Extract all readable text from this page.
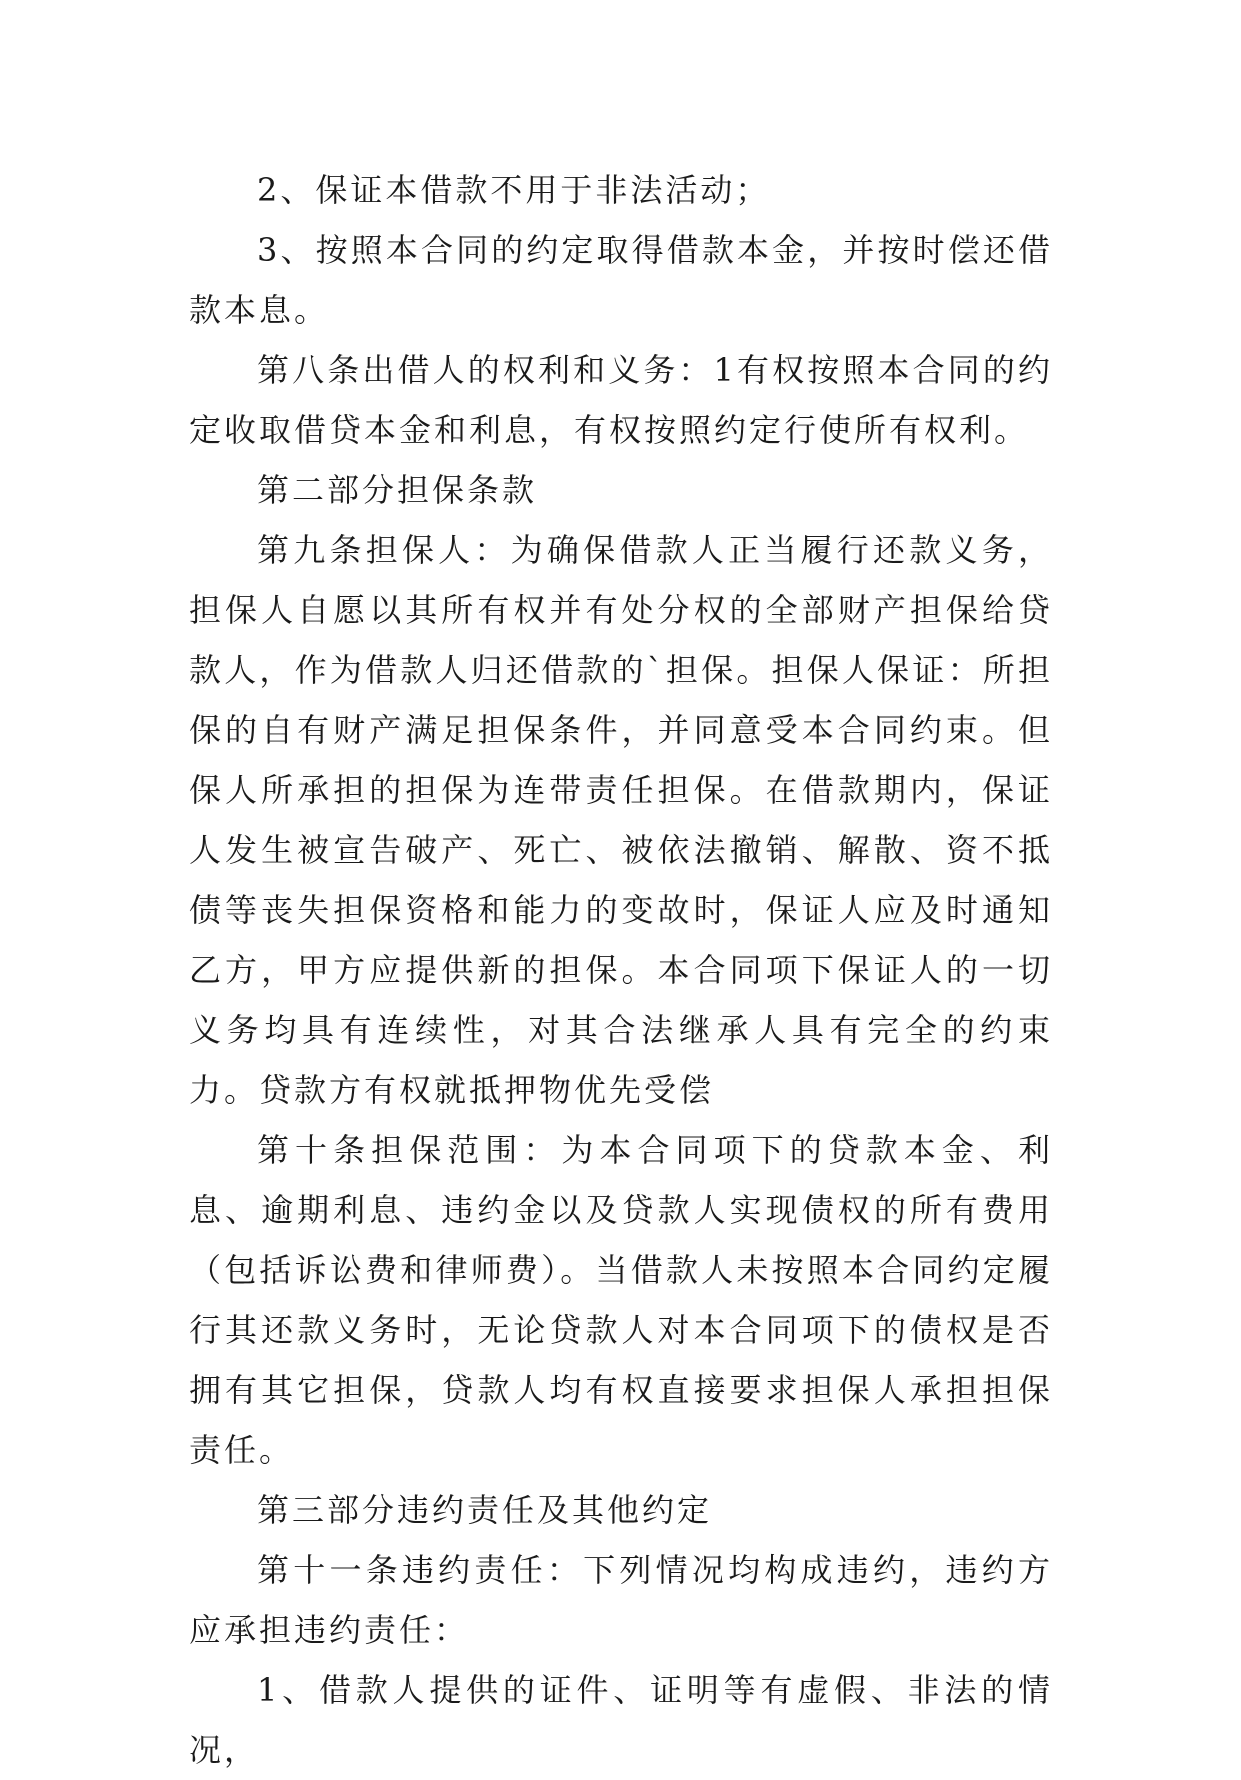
2、保证本借款不用于非法活动；

3、按照本合同的约定取得借款本金，并按时偿还借款本息。

第八条出借人的权利和义务：1有权按照本合同的约定收取借贷本金和利息，有权按照约定行使所有权利。

第二部分担保条款

第九条担保人：为确保借款人正当履行还款义务，担保人自愿以其所有权并有处分权的全部财产担保给贷款人，作为借款人归还借款的`担保。担保人保证：所担保的自有财产满足担保条件，并同意受本合同约束。但保人所承担的担保为连带责任担保。在借款期内，保证人发生被宣告破产、死亡、被依法撤销、解散、资不抵债等丧失担保资格和能力的变故时，保证人应及时通知乙方，甲方应提供新的担保。本合同项下保证人的一切义务均具有连续性，对其合法继承人具有完全的约束力。贷款方有权就抵押物优先受偿

第十条担保范围：为本合同项下的贷款本金、利息、逾期利息、违约金以及贷款人实现债权的所有费用（包括诉讼费和律师费）。当借款人未按照本合同约定履行其还款义务时，无论贷款人对本合同项下的债权是否拥有其它担保，贷款人均有权直接要求担保人承担担保责任。

第三部分违约责任及其他约定

第十一条违约责任：下列情况均构成违约，违约方应承担违约责任：

1、借款人提供的证件、证明等有虚假、非法的情况，
